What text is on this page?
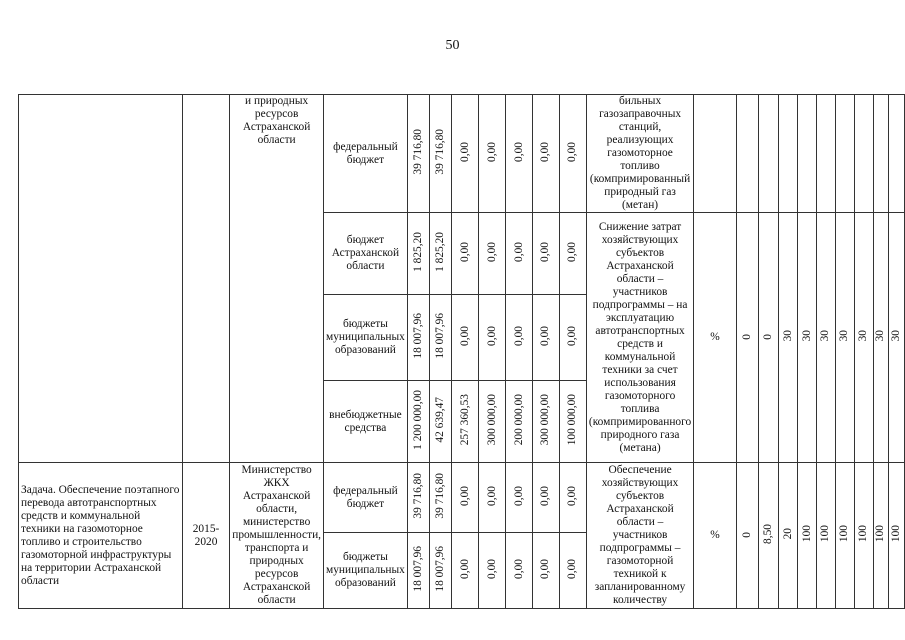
50

		и природных ресурсов Астраханской области	федеральный бюджет	39 716,80	39 716,80	0,00	0,00	0,00	0,00	0,00	бильных газозаправочных станций, реализующих газомоторное топливо (компримированный природный газ (метан)										

			бюджет Астраханской области	1 825,20	1 825,20	0,00	0,00	0,00	0,00	0,00	Снижение затрат хозяйствующих субъектов Астраханской области – участников подпрограммы – на эксплуатацию автотранспортных средств и коммунальной техники за счет использования газомоторного топлива (компримированного природного газа (метана)	%	0	0	30	30	30	30	30	30	30

			бюджеты муниципальных образований	18 007,96	18 007,96	0,00	0,00	0,00	0,00	0,00											

			внебюджетные средства	1 200 000,00	42 639,47	257 360,53	300 000,00	200 000,00	300 000,00	100 000,00											

Задача. Обеспечение поэтапного перевода автотранспортных средств и коммунальной техники на газомоторное топливо и строительство газомоторной инфраструктуры на территории Астраханской области	2015-2020	Министерство ЖКХ Астраханской области, министерство промышленности, транспорта и природных ресурсов Астраханской области	федеральный бюджет	39 716,80	39 716,80	0,00	0,00	0,00	0,00	0,00	Обеспечение хозяйствующих субъектов Астраханской области – участников подпрограммы – газомоторной техникой к запланированному количеству	%	0	8,50	20	100	100	100	100	100	100

			бюджеты муниципальных образований	18 007,96	18 007,96	0,00	0,00	0,00	0,00	0,00											
